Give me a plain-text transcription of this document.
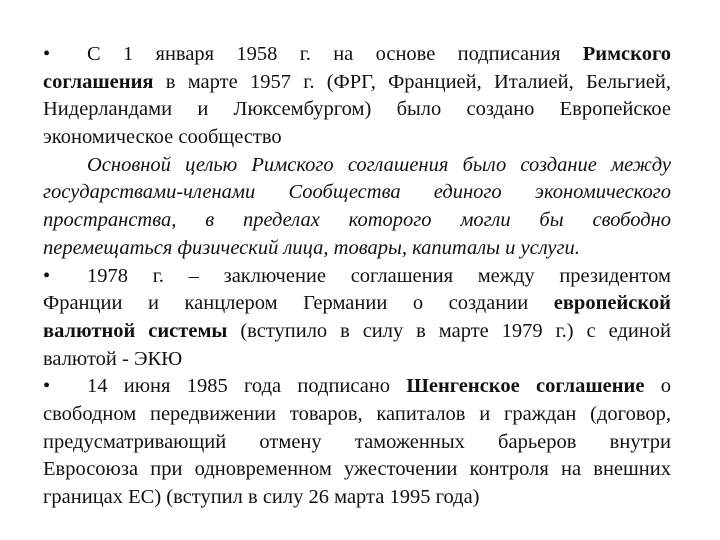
• С 1 января 1958 г. на основе подписания Римского
соглашения в марте 1957 г. (ФРГ, Францией, Италией, Бельгией,
Нидерландами и Люксембургом) было создано Европейское
экономическое сообщество
Основной целью Римского соглашения было создание между
государствами-членами Сообщества единого экономического
пространства, в пределах которого могли бы свободно
перемещаться физический лица, товары, капиталы и услуги.
• 1978 г. – заключение соглашения между президентом
Франции и канцлером Германии о создании европейской
валютной системы (вступило в силу в марте 1979 г.) с единой
валютой - ЭКЮ
• 14 июня 1985 года подписано Шенгенское соглашение о
свободном передвижении товаров, капиталов и граждан (договор,
предусматривающий отмену таможенных барьеров внутри
Евросоюза при одновременном ужесточении контроля на внешних
границах ЕС) (вступил в силу 26 марта 1995 года)
